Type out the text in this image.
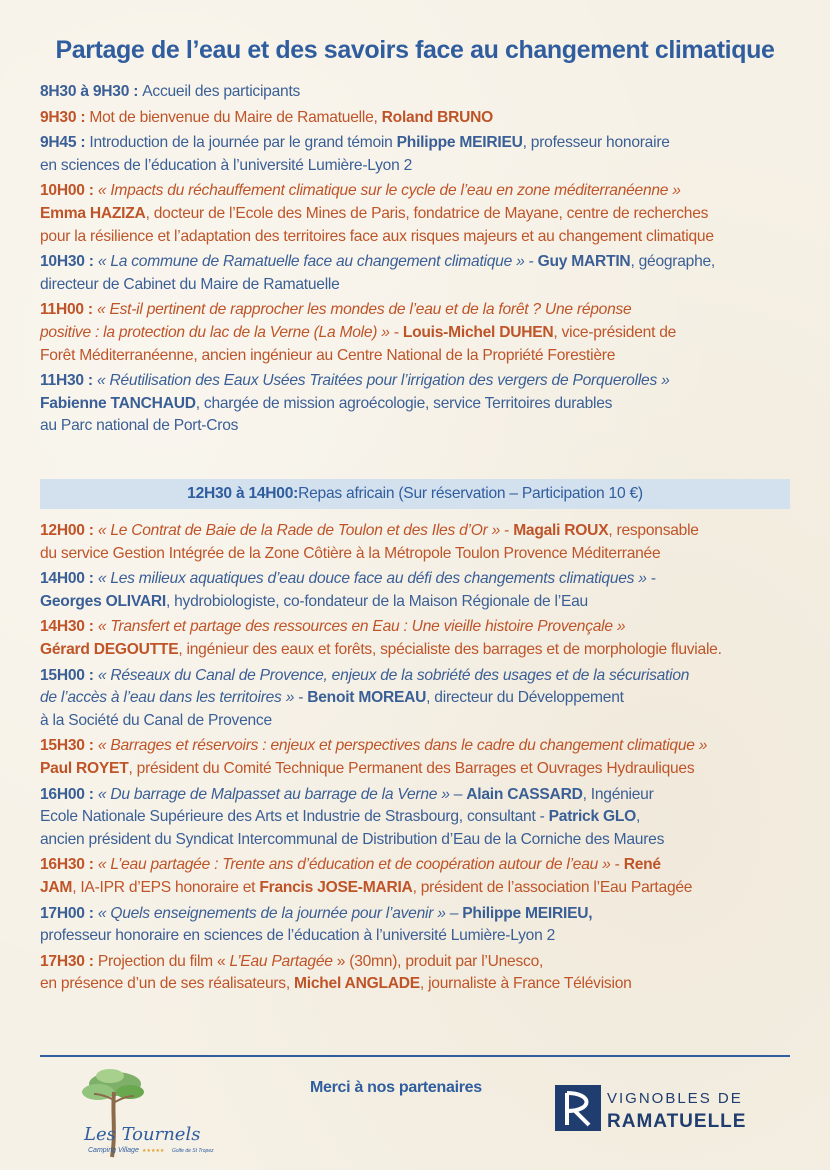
Partage de l’eau et des savoirs face au changement climatique
8H30 à 9H30 : Accueil des participants
9H30 : Mot de bienvenue du Maire de Ramatuelle, Roland BRUNO
9H45 : Introduction de la journée par le grand témoin Philippe MEIRIEU, professeur honoraire
en sciences de l’éducation à l’université Lumière-Lyon 2
10H00 : « Impacts du réchauffement climatique sur le cycle de l’eau en zone méditerranéenne »
Emma HAZIZA, docteur de l’Ecole des Mines de Paris, fondatrice de Mayane, centre de recherches
pour la résilience et l’adaptation des territoires face aux risques majeurs et au changement climatique
10H30 : « La commune de Ramatuelle face au changement climatique » - Guy MARTIN, géographe,
directeur de Cabinet du Maire de Ramatuelle
11H00 : « Est-il pertinent de rapprocher les mondes de l’eau et de la forêt ? Une réponse
positive : la protection du lac de la Verne (La Mole) » - Louis-Michel DUHEN, vice-président de
Forêt Méditerranéenne, ancien ingénieur au Centre National de la Propriété Forestière
11H30 : « Réutilisation des Eaux Usées Traitées pour l’irrigation des vergers de Porquerolles »
Fabienne TANCHAUD, chargée de mission agroécologie, service Territoires durables
au Parc national de Port-Cros
12H30 à 14H00 : Repas africain (Sur réservation – Participation 10 €)
12H00 : « Le Contrat de Baie de la Rade de Toulon et des Iles d’Or » - Magali ROUX, responsable
du service Gestion Intégrée de la Zone Côtière à la Métropole Toulon Provence Méditerranée
14H00 : « Les milieux aquatiques d’eau douce face au défi des changements climatiques » -
Georges OLIVARI, hydrobiologiste, co-fondateur de la Maison Régionale de l’Eau
14H30 : « Transfert et partage des ressources en Eau : Une vieille histoire Provençale »
Gérard DEGOUTTE, ingénieur des eaux et forêts, spécialiste des barrages et de morphologie fluviale.
15H00 : « Réseaux du Canal de Provence, enjeux de la sobriété des usages et de la sécurisation
de l’accès à l’eau dans les territoires » - Benoit MOREAU, directeur du Développement
à la Société du Canal de Provence
15H30 : « Barrages et réservoirs : enjeux et perspectives dans le cadre du changement climatique »
Paul ROYET, président du Comité Technique Permanent des Barrages et Ouvrages Hydrauliques
16H00 : « Du barrage de Malpasset au barrage de la Verne » – Alain CASSARD, Ingénieur
Ecole Nationale Supérieure des Arts et Industrie de Strasbourg, consultant - Patrick GLO,
ancien président du Syndicat Intercommunal de Distribution d’Eau de la Corniche des Maures
16H30 : « L’eau partagée : Trente ans d’éducation et de coopération autour de l’eau » - René
JAM, IA-IPR d’EPS honoraire et Francis JOSE-MARIA, président de l’association l’Eau Partagée
17H00 : « Quels enseignements de la journée pour l’avenir » – Philippe MEIRIEU,
professeur honoraire en sciences de l’éducation à l’université Lumière-Lyon 2
17H30 : Projection du film « L’Eau Partagée » (30mn), produit par l’Unesco,
en présence d’un de ses réalisateurs, Michel ANGLADE, journaliste à France Télévision
Les Tournels
Camping Village ★★★★★ Golfe de St Tropez
Merci à nos partenaires
VIGNOBLES DE
RAMATUELLE
